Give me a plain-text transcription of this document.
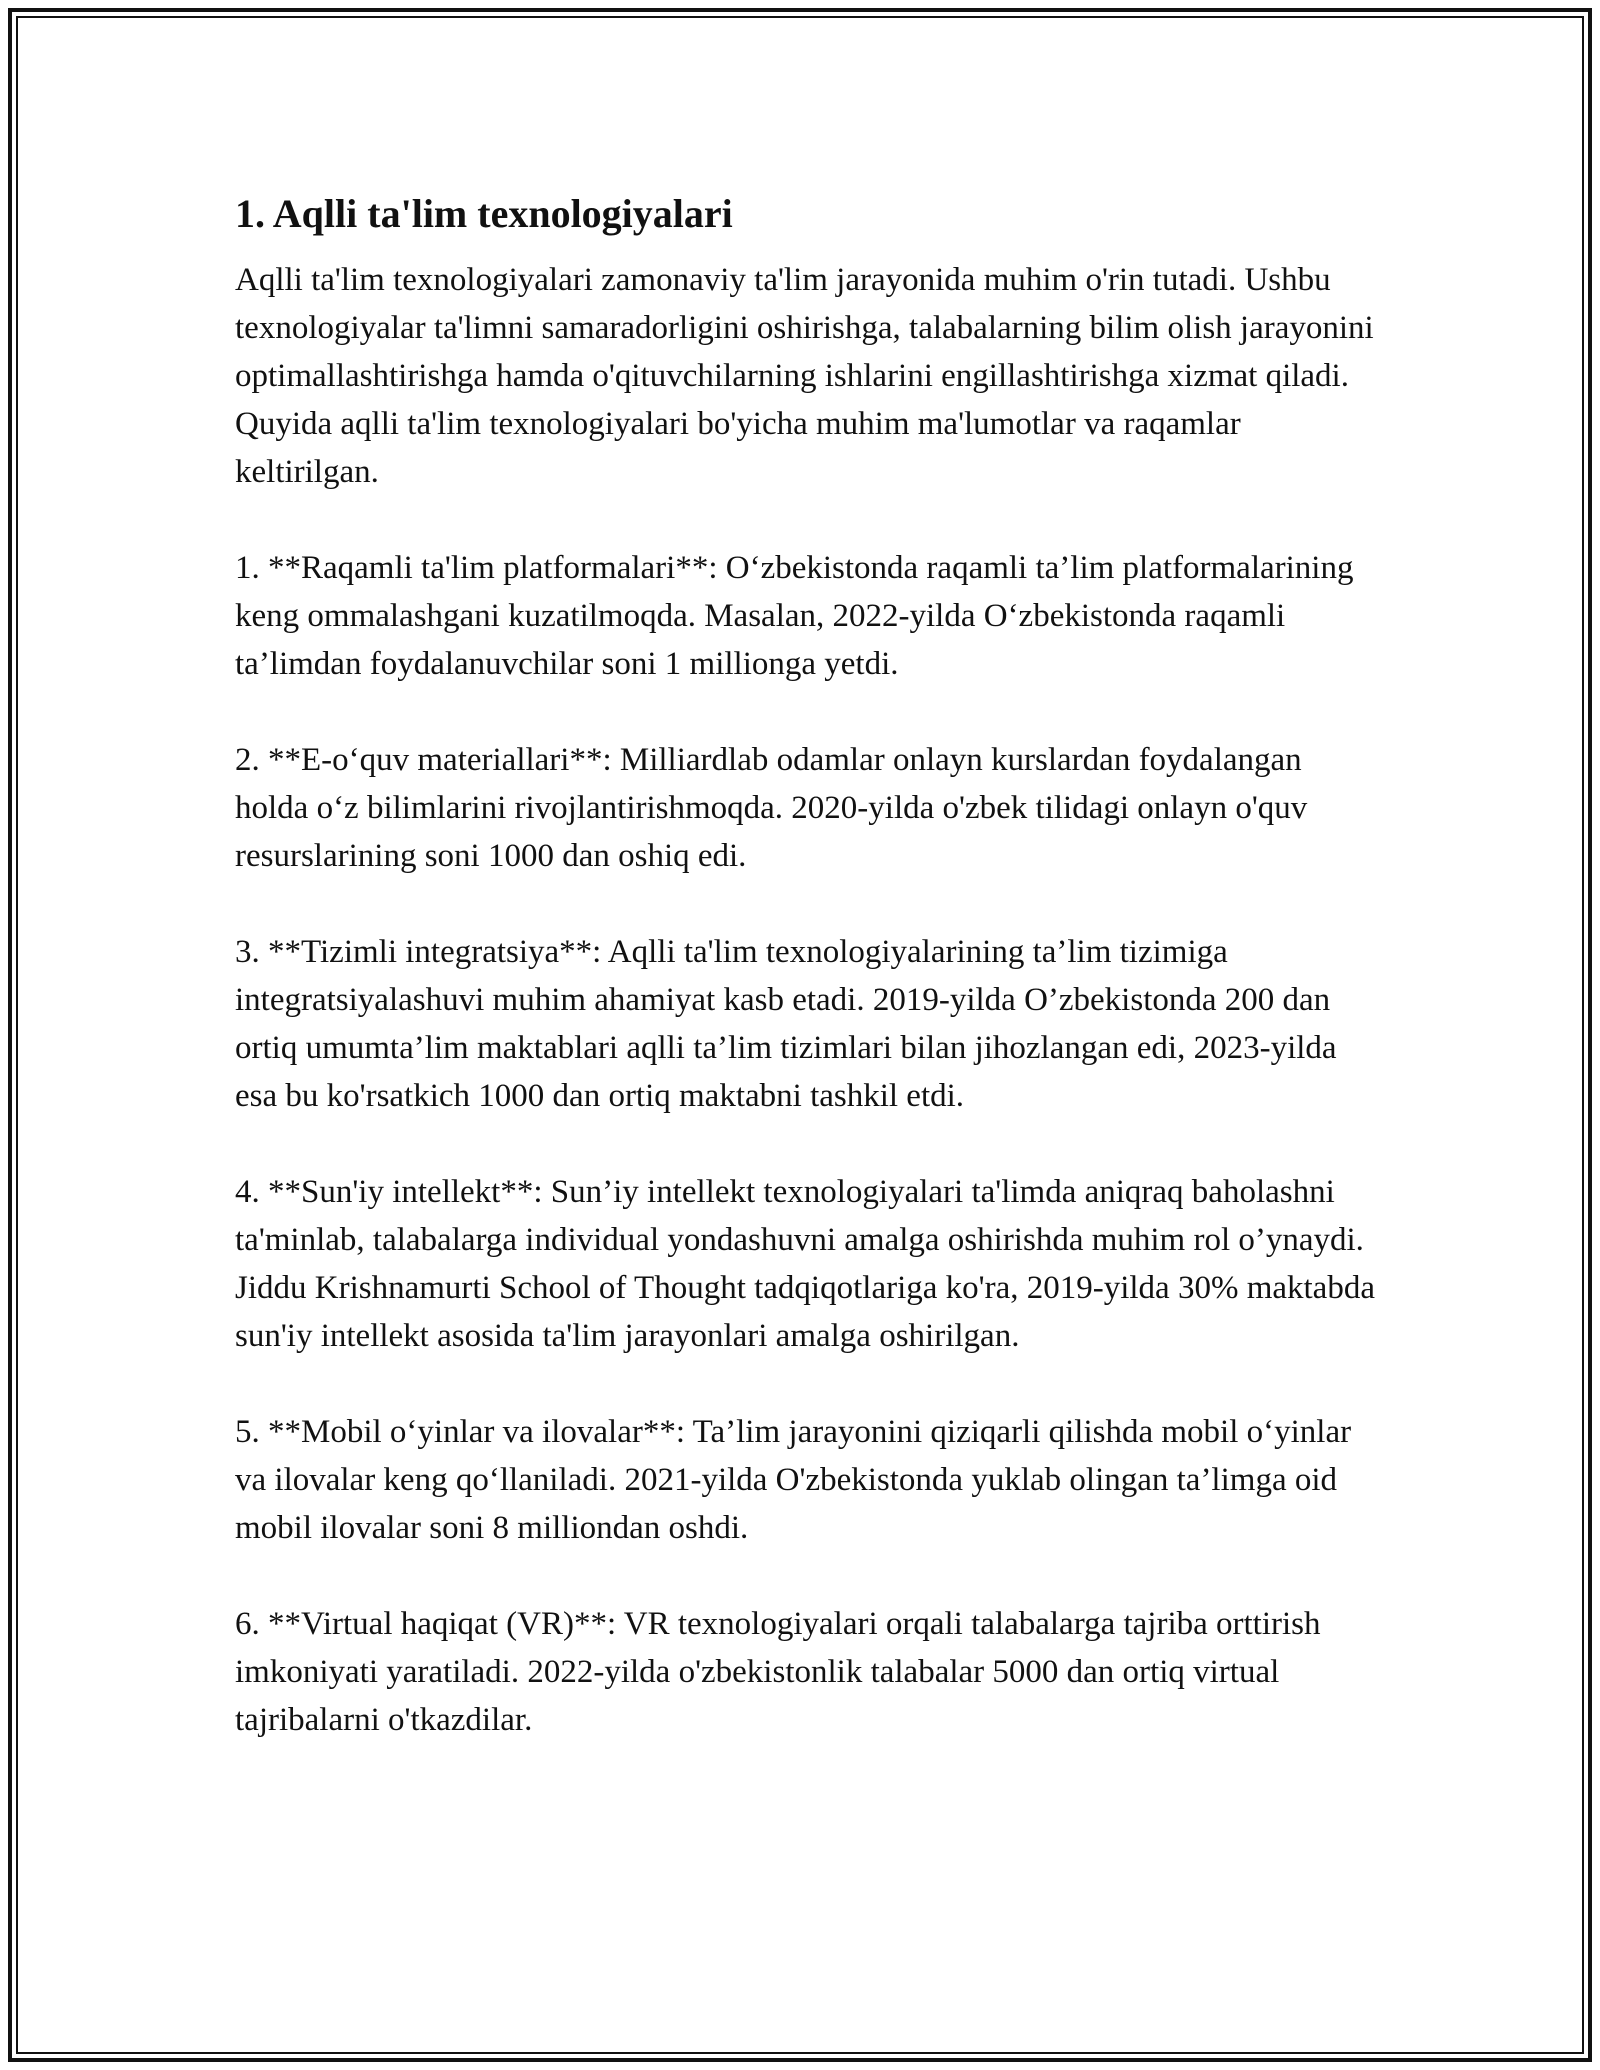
1. Aqlli ta'lim texnologiyalari

Aqlli ta'lim texnologiyalari zamonaviy ta'lim jarayonida muhim o'rin tutadi. Ushbu texnologiyalar ta'limni samaradorligini oshirishga, talabalarning bilim olish jarayonini optimallashtirishga hamda o'qituvchilarning ishlarini engillashtirishga xizmat qiladi. Quyida aqlli ta'lim texnologiyalari bo'yicha muhim ma'lumotlar va raqamlar keltirilgan.

1. **Raqamli ta'lim platformalari**: O‘zbekistonda raqamli ta’lim platformalarining keng ommalashgani kuzatilmoqda. Masalan, 2022-yilda O‘zbekistonda raqamli ta’limdan foydalanuvchilar soni 1 millionga yetdi.

2. **E-o‘quv materiallari**: Milliardlab odamlar onlayn kurslardan foydalangan holda o‘z bilimlarini rivojlantirishmoqda. 2020-yilda o'zbek tilidagi onlayn o'quv resurslarining soni 1000 dan oshiq edi.

3. **Tizimli integratsiya**: Aqlli ta'lim texnologiyalarining ta’lim tizimiga integratsiyalashuvi muhim ahamiyat kasb etadi. 2019-yilda O’zbekistonda 200 dan ortiq umumta’lim maktablari aqlli ta’lim tizimlari bilan jihozlangan edi, 2023-yilda esa bu ko'rsatkich 1000 dan ortiq maktabni tashkil etdi.

4. **Sun'iy intellekt**: Sun’iy intellekt texnologiyalari ta'limda aniqraq baholashni ta'minlab, talabalarga individual yondashuvni amalga oshirishda muhim rol o’ynaydi. Jiddu Krishnamurti School of Thought tadqiqotlariga ko'ra, 2019-yilda 30% maktabda sun'iy intellekt asosida ta'lim jarayonlari amalga oshirilgan.

5. **Mobil o‘yinlar va ilovalar**: Ta’lim jarayonini qiziqarli qilishda mobil o‘yinlar va ilovalar keng qo‘llaniladi. 2021-yilda O'zbekistonda yuklab olingan ta’limga oid mobil ilovalar soni 8 milliondan oshdi.

6. **Virtual haqiqat (VR)**: VR texnologiyalari orqali talabalarga tajriba orttirish imkoniyati yaratiladi. 2022-yilda o'zbekistonlik talabalar 5000 dan ortiq virtual tajribalarni o'tkazdilar.
